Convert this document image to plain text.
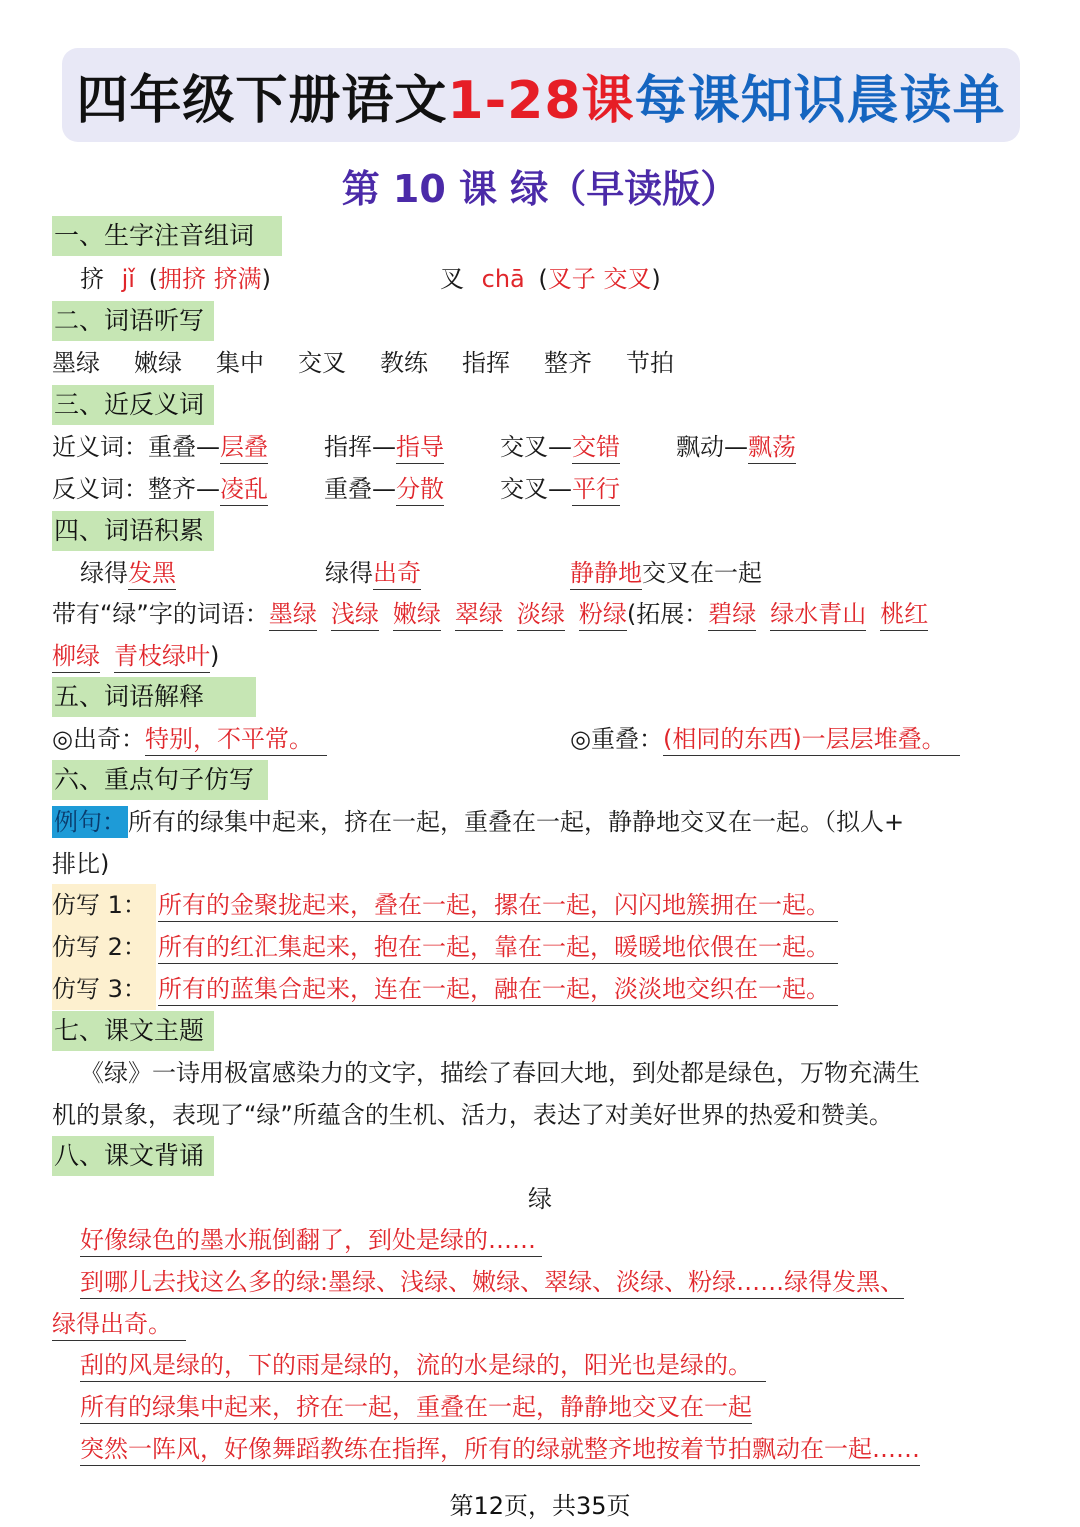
四年级下册语文1-28课每课知识晨读单
第 10 课 绿（早读版）
一、生字注音组词
挤 jǐ (拥挤 挤满)	叉 chā (叉子 交叉)
二、词语听写
墨绿 嫩绿 集中 交叉 教练 指挥 整齐 节拍
三、近反义词
近义词：重叠—层叠 指挥—指导 交叉—交错 飘动—飘荡
反义词：整齐—凌乱 重叠—分散 交叉—平行
四、词语积累
绿得发黑	绿得出奇	静静地交叉在一起
带有“绿”字的词语：墨绿 浅绿 嫩绿 翠绿 淡绿 粉绿(拓展：碧绿 绿水青山 桃红
柳绿 青枝绿叶)
五、词语解释
◎出奇：特别，不平常。	◎重叠：(相同的东西)一层层堆叠。
六、重点句子仿写
例句：所有的绿集中起来，挤在一起，重叠在一起，静静地交叉在一起。（拟人+
排比)
仿写 1： 所有的金聚拢起来，叠在一起，摞在一起，闪闪地簇拥在一起。
仿写 2： 所有的红汇集起来，抱在一起，靠在一起，暖暖地依偎在一起。
仿写 3： 所有的蓝集合起来，连在一起，融在一起，淡淡地交织在一起。
七、课文主题
《绿》一诗用极富感染力的文字，描绘了春回大地，到处都是绿色，万物充满生
机的景象，表现了“绿”所蕴含的生机、活力，表达了对美好世界的热爱和赞美。
八、课文背诵
绿
好像绿色的墨水瓶倒翻了，到处是绿的……
到哪儿去找这么多的绿:墨绿、浅绿、嫩绿、翠绿、淡绿、粉绿……绿得发黑、
绿得出奇。
刮的风是绿的，下的雨是绿的，流的水是绿的，阳光也是绿的。
所有的绿集中起来，挤在一起，重叠在一起，静静地交叉在一起
突然一阵风，好像舞蹈教练在指挥，所有的绿就整齐地按着节拍飘动在一起……
第12页，共35页
